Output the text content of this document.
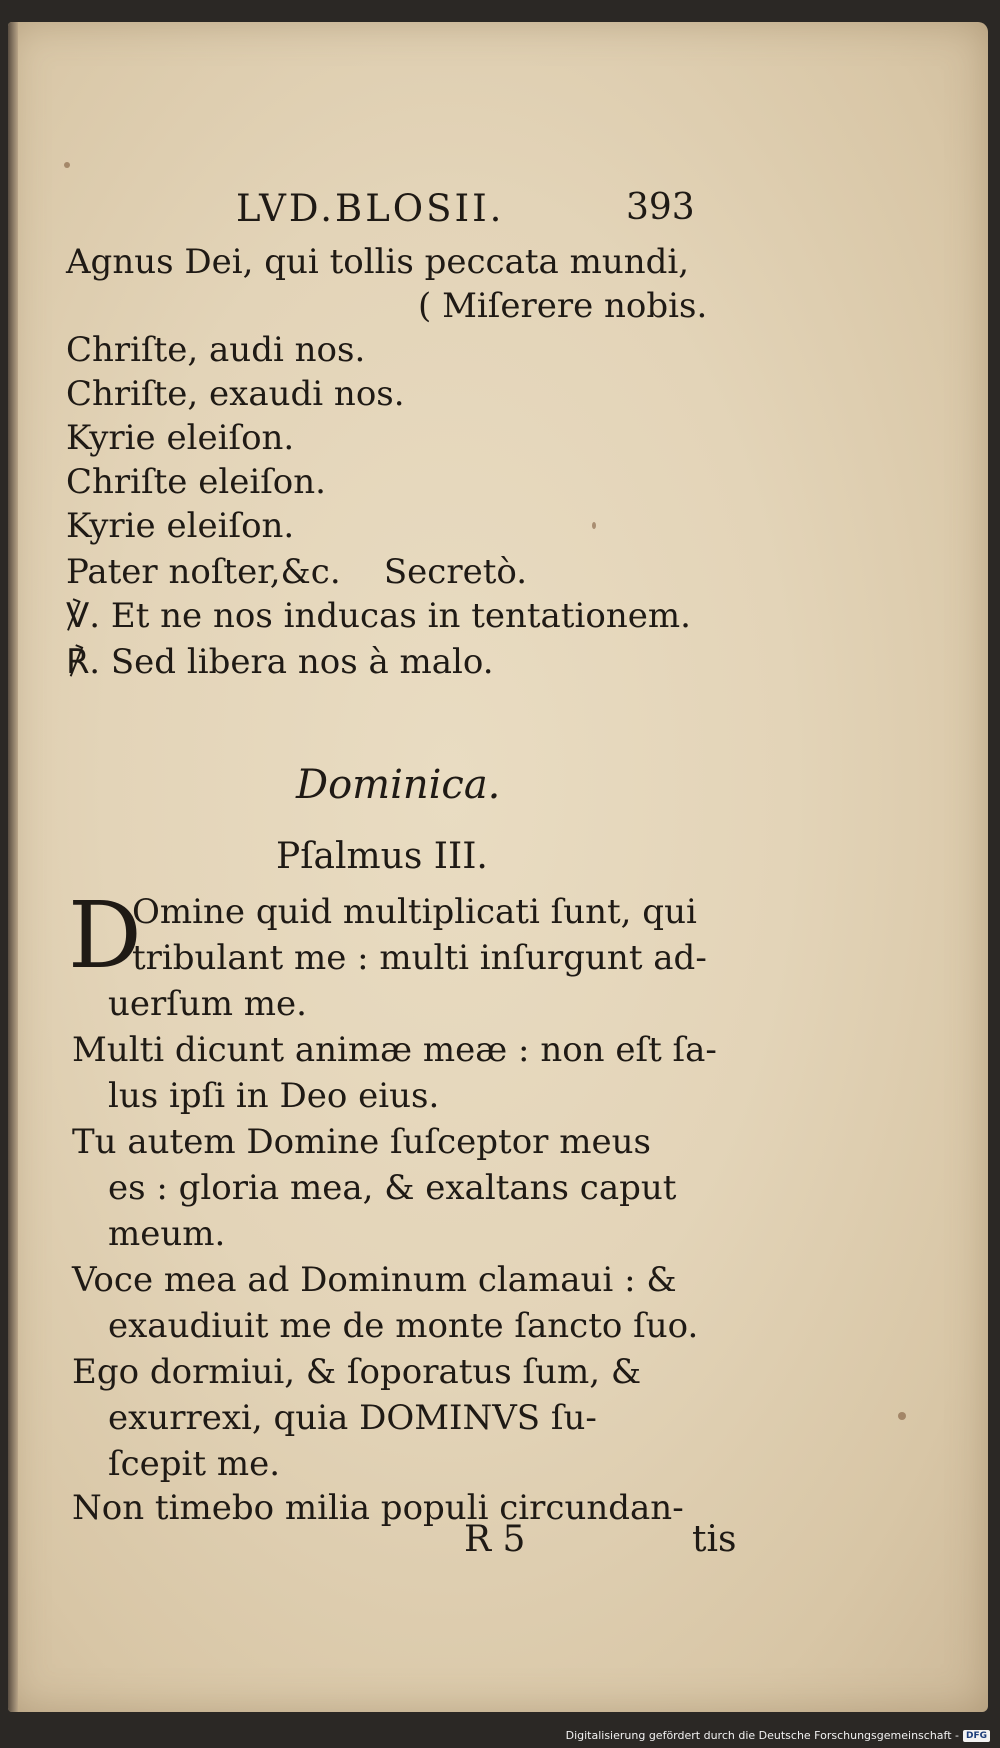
LVD.BLOSII.	393
Agnus Dei, qui tollis peccata mundi,
( Miſerere nobis.
Chriſte, audi nos.
Chriſte, exaudi nos.
Kyrie eleiſon.
Chriſte eleiſon.
Kyrie eleiſon.
Pater noſter,&c.    Secretò.
℣. Et ne nos inducas in tentationem.
℟. Sed libera nos à malo.
Dominica.
Pſalmus III.
D
Omine quid multiplicati ſunt, qui
tribulant me : multi inſurgunt ad-
uerſum me.
Multi dicunt animæ meæ : non eſt ſa-
lus ipſi in Deo eius.
Tu autem Domine ſuſceptor meus
es : gloria mea, & exaltans caput
meum.
Voce mea ad Dominum clamaui : &
exaudiuit me de monte ſancto ſuo.
Ego dormiui, & ſoporatus ſum, &
exurrexi, quia DOMINVS ſu-
ſcepit me.
Non timebo milia populi circundan-
R 5	tis
Digitalisierung gefördert durch die Deutsche Forschungsgemeinschaft - DFG
